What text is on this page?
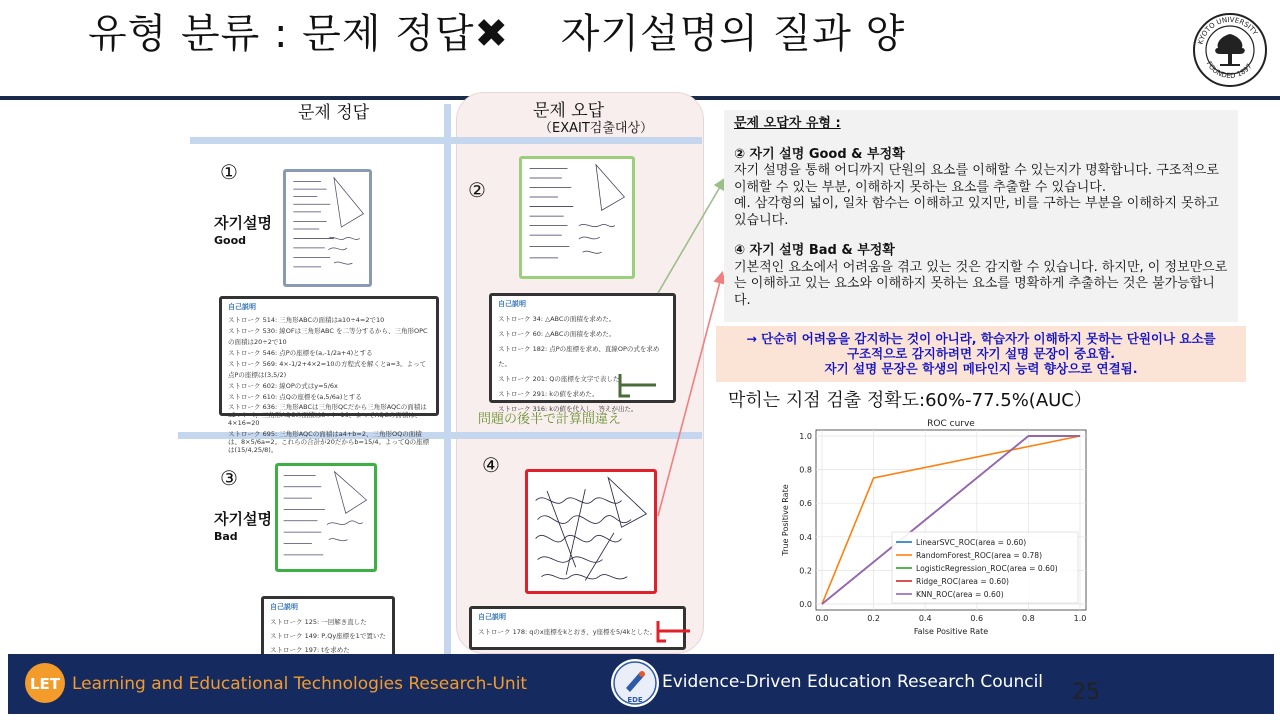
유형 분류 : 문제 정답✖ 자기설명의 질과 양	KYOTO UNIVERSITY
FOUNDED 1897
문제 정답	문제 오답
（EXAIT검출대상）
①
자기설명
Good
自己説明
ストローク 514: 三角形ABCの面積はa10÷4=2で10
ストローク 530: 線OFは三角形ABC を二等分するから、三角形OPCの面積は20÷2で10
ストローク 546: 点Pの座標を(a,-1/2a+4)とする
ストローク 569: 4×-1/2+4×2=10の方程式を解くとa=3。よって点Pの座標は(3,5/2)
ストローク 602: 線OPの式はy=5/6x
ストローク 610: 点Qの座標を(a,5/6a)とする
ストローク 636: 三角形ABCは三角形QCだから三角形AQCの面積はa2+4=4、三角形AQCの面積は8÷4=16、よってAQCの面積は、4×16=20
ストローク 695: 三角形AQCの面積はa4+b=2、三角形OQの面積は、8×5/6a=2。これらの合計が20だからb=15/4。よってQの座標は(15/4,25/8)。
②
自己説明
ストローク 34: △ABCの面積を求めた。
ストローク 60: △ABCの面積を求めた。
ストローク 182: 点Pの座標を求め、直線OPの式を求めた。
ストローク 201: Qの座標を文字で表した。
ストローク 291: kの値を求めた。
ストローク 316: kの値を代入し、答えが出た。
問題の後半で計算間違え
③
자기설명
Bad
自己説明
ストローク 125: 一回解き直した
ストローク 149: P,Qy座標を1で置いた
ストローク 197: tを求めた
④
自己説明
ストローク 178: qのx座標をkとおき、y座標を5/4kとした。
문제 오답자 유형 :

② 자기 설명 Good & 부정확

자기 설명을 통해 어디까지 단원의 요소를 이해할 수 있는지가 명확합니다. 구조적으로 이해할 수 있는 부분, 이해하지 못하는 요소를 추출할 수 있습니다.

예. 삼각형의 넓이, 일차 함수는 이해하고 있지만, 비를 구하는 부분을 이해하지 못하고 있습니다.

④ 자기 설명 Bad & 부정확

기본적인 요소에서 어려움을 겪고 있는 것은 감지할 수 있습니다. 하지만, 이 정보만으로는 이해하고 있는 요소와 이해하지 못하는 요소를 명확하게 추출하는 것은 불가능합니다.

→ 단순히 어려움을 감지하는 것이 아니라, 학습자가 이해하지 못하는 단원이나 요소를
구조적으로 감지하려면 자기 설명 문장이 중요함.
자기 설명 문장은 학생의 메타인지 능력 향상으로 연결됨.
막히는 지점 검출 정확도:60%-77.5%(AUC）
0.0
0.0
0.2
0.2
0.4
0.4
0.6
0.6
0.8
0.8
1.0
1.0
ROC curve
False Positive Rate
True Positive Rate	LinearSVC_ROC(area = 0.60)
RandomForest_ROC(area = 0.78)
LogisticRegression_ROC(area = 0.60)
Ridge_ROC(area = 0.60)
KNN_ROC(area = 0.60)
LET Learning and Educational Technologies Research-Unit
EDE
Evidence-Driven Education Research Council 25
